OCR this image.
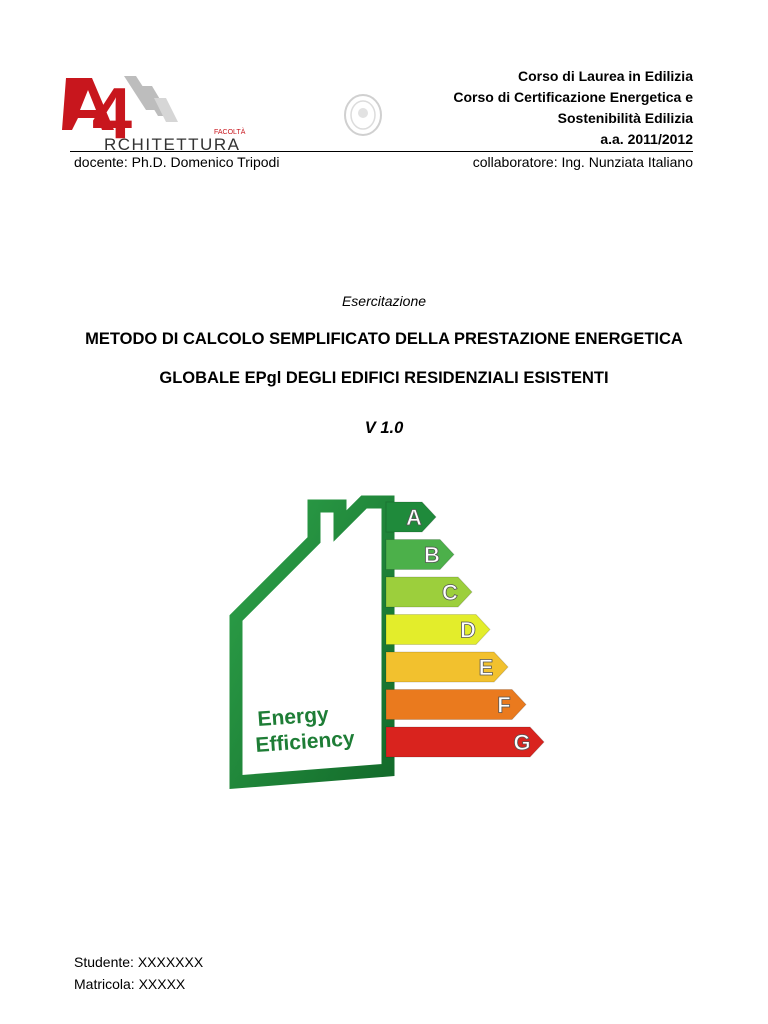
4	FACOLTÀ
RCHITETTURA
Corso di Laurea in Edilizia
Corso di Certificazione Energetica e
Sostenibilità Edilizia
a.a. 2011/2012
docente: Ph.D. Domenico Tripodi	collaboratore: Ing. Nunziata Italiano
Esercitazione
METODO DI CALCOLO SEMPLIFICATO DELLA PRESTAZIONE ENERGETICA
GLOBALE EPgl DEGLI EDIFICI RESIDENZIALI ESISTENTI
V 1.0
Energy
Efficiency
A
B
C
D
E
F
G
Studente: XXXXXXX
Matricola: XXXXX
